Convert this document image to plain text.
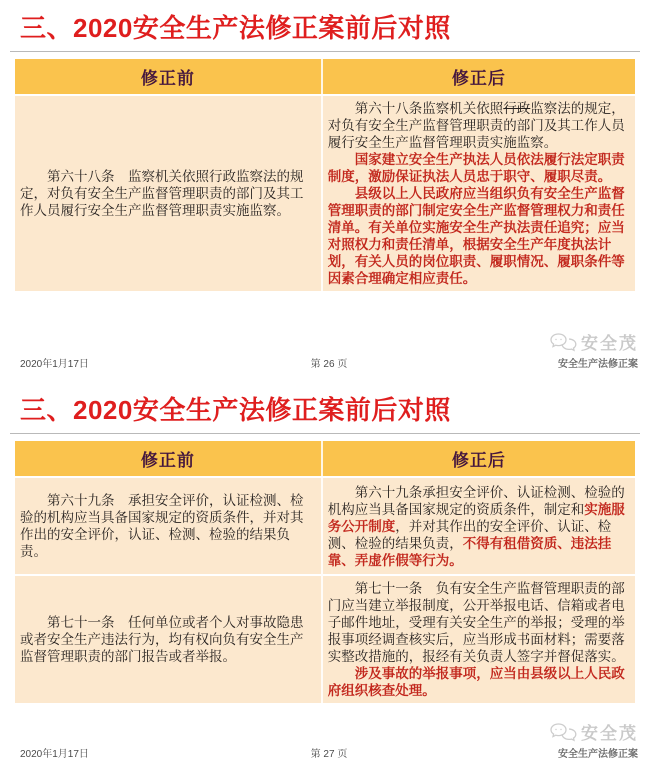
三、2020安全生产法修正案前后对照
修正前	修正后

第六十八条　监察机关依照行政监察法的规定，对负有安全生产监督管理职责的部门及其工作人员履行安全生产监督管理职责实施监察。	第六十八条监察机关依照行政监察法的规定，对负有安全生产监督管理职责的部门及其工作人员履行安全生产监督管理职责实施监察。

国家建立安全生产执法人员依法履行法定职责制度，激励保证执法人员忠于职守、履职尽责。

县级以上人民政府应当组织负有安全生产监督管理职责的部门制定安全生产监督管理权力和责任清单。有关单位实施安全生产执法责任追究；应当对照权力和责任清单，根据安全生产年度执法计划，有关人员的岗位职责、履职情况、履职条件等因素合理确定相应责任。

2020年1月17日	第 26 页
安全茂
安全生产法修正案
三、2020安全生产法修正案前后对照
修正前	修正后

第六十九条　承担安全评价，认证检测、检验的机构应当具备国家规定的资质条件，并对其作出的安全评价，认证、检测、检验的结果负责。	第六十九条承担安全评价、认证检测、检验的机构应当具备国家规定的资质条件，制定和实施服务公开制度，并对其作出的安全评价、认证、检测、检验的结果负责，不得有租借资质、违法挂靠、弄虚作假等行为。

第七十一条　任何单位或者个人对事故隐患或者安全生产违法行为，均有权向负有安全生产监督管理职责的部门报告或者举报。	第七十一条　负有安全生产监督管理职责的部门应当建立举报制度，公开举报电话、信箱或者电子邮件地址，受理有关安全生产的举报；受理的举报事项经调查核实后，应当形成书面材料；需要落实整改措施的，报经有关负责人签字并督促落实。

涉及事故的举报事项，应当由县级以上人民政府组织核查处理。

2020年1月17日	第 27 页
安全茂
安全生产法修正案
